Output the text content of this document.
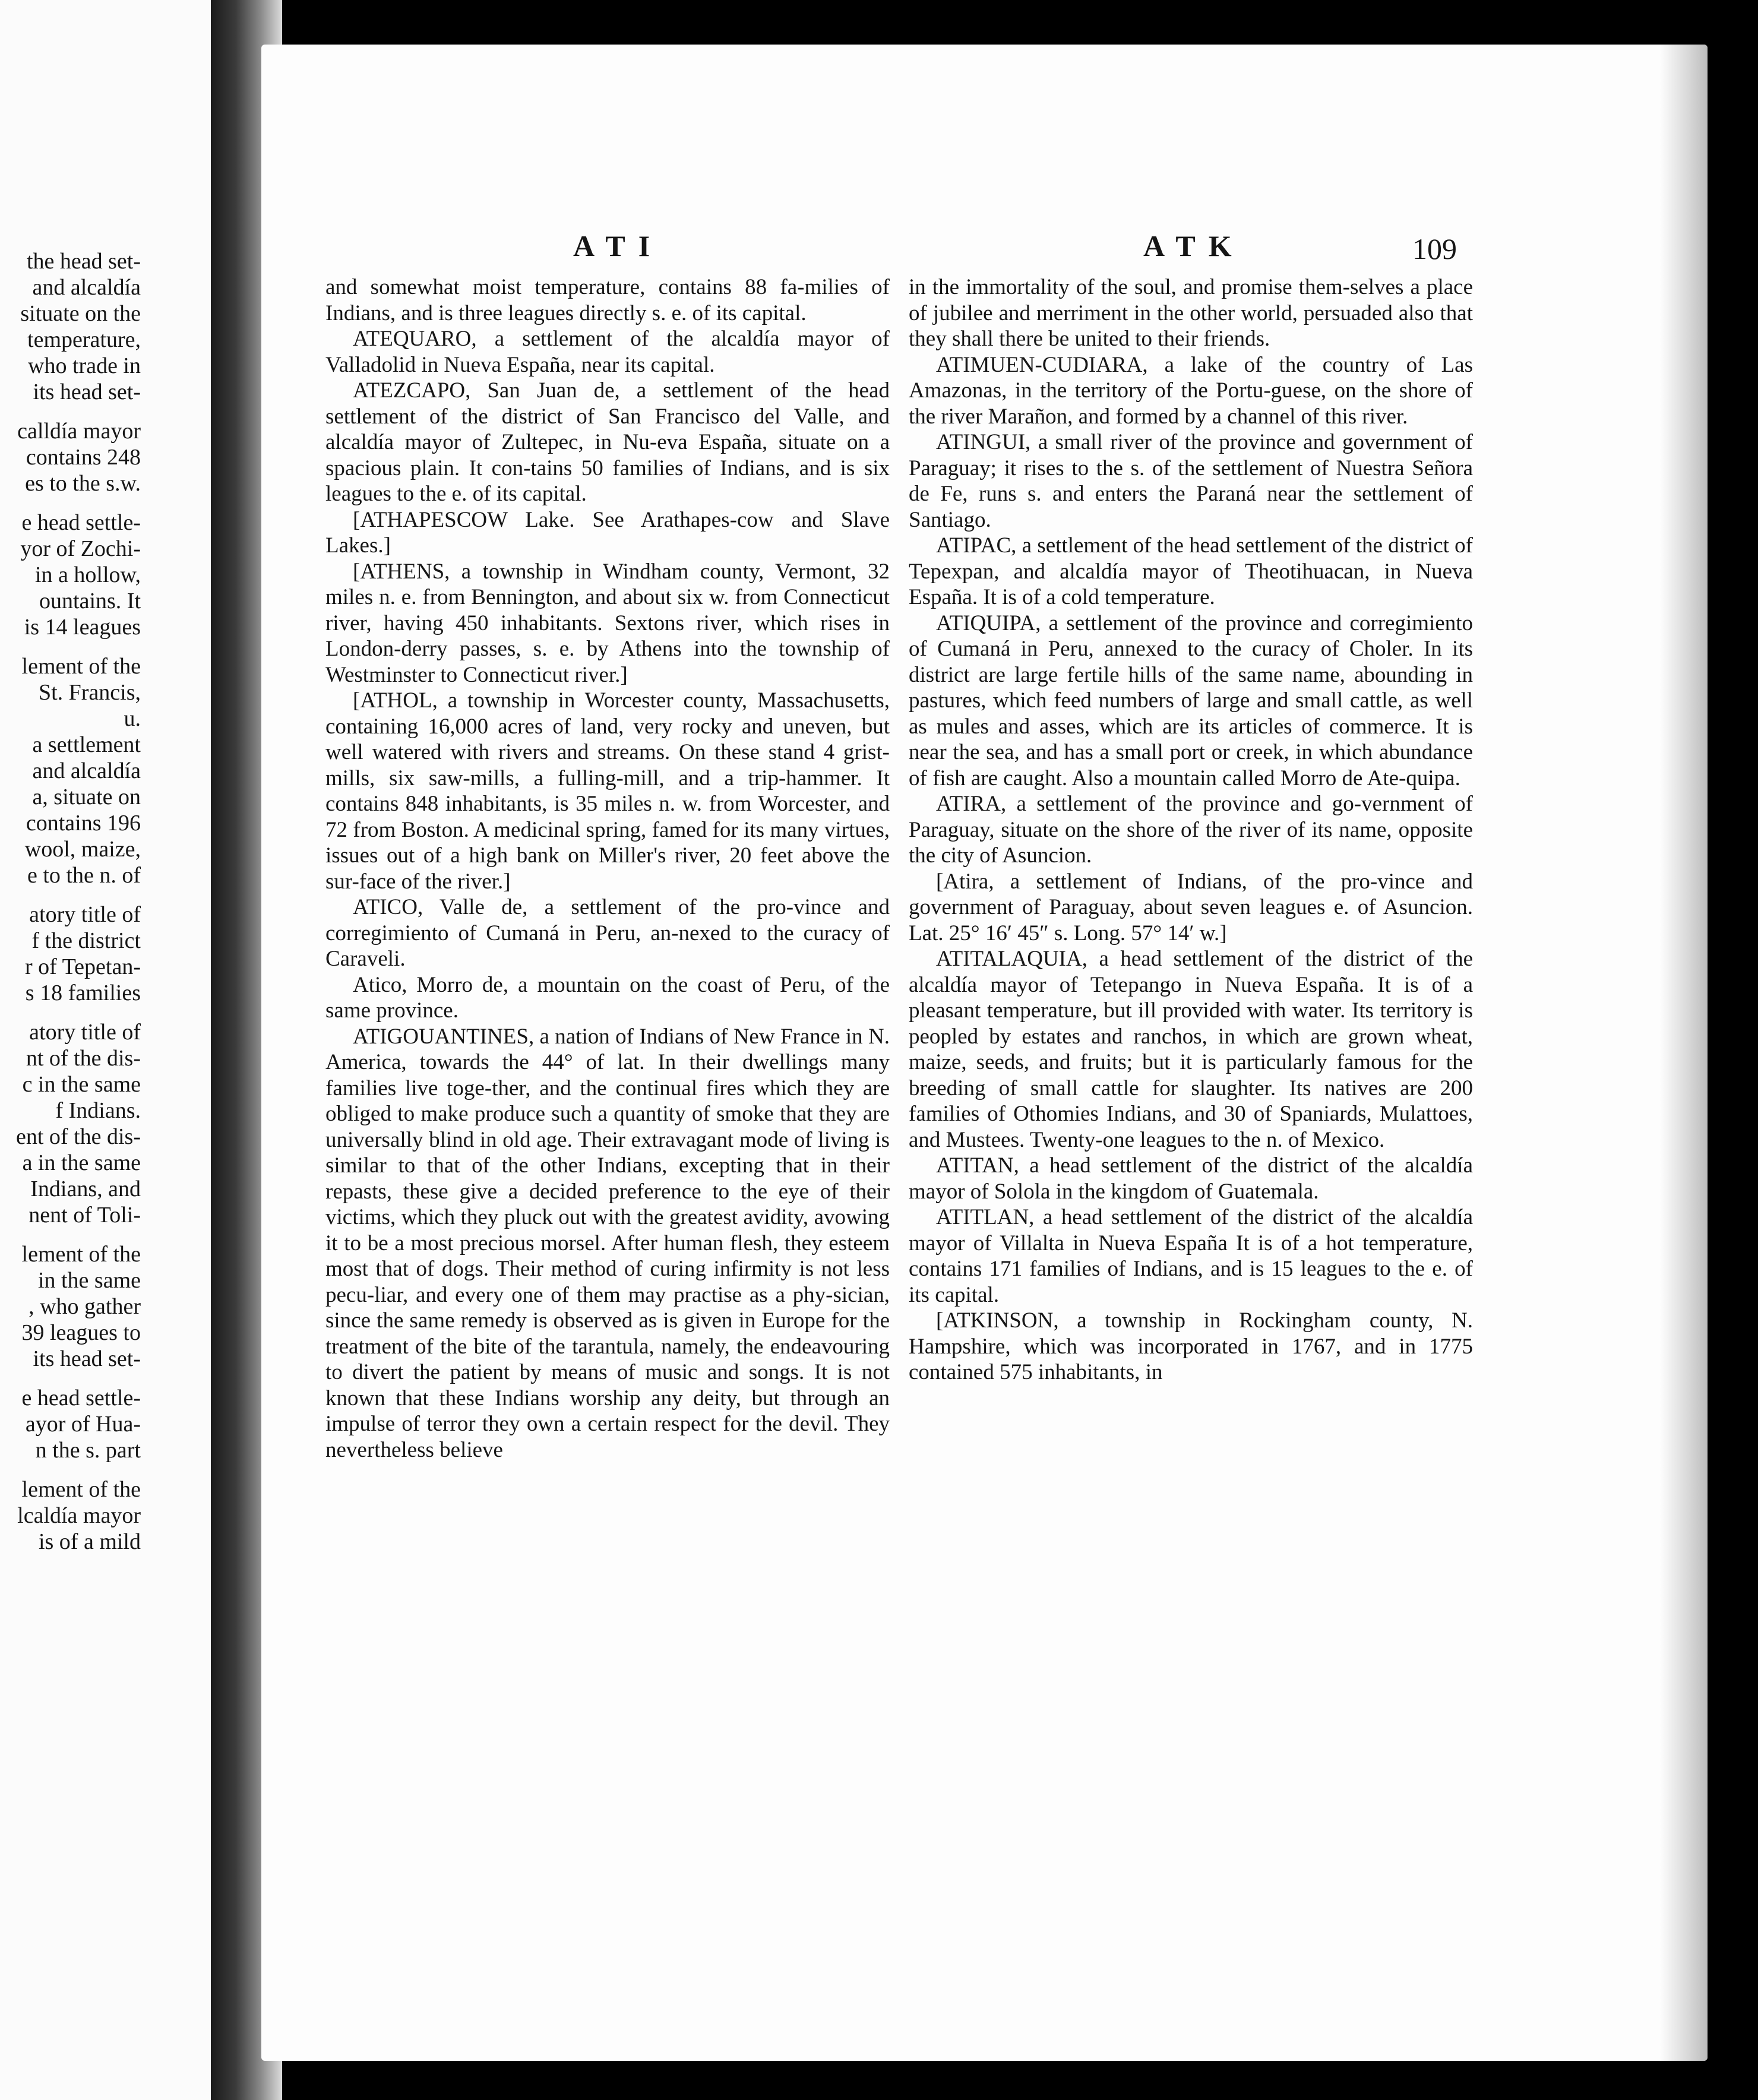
the head set-
and alcaldía
situate on the
temperature,
who trade in
its head set-
calldía mayor
contains 248
es to the s.w.
e head settle-
yor of Zochi-
in a hollow,
ountains. It
is 14 leagues
lement of the
St. Francis,
u.
a settlement
and alcaldía
a, situate on
contains 196
wool, maize,
e to the n. of
atory title of
f the district
r of Tepetan-
s 18 families
atory title of
nt of the dis-
c in the same
f Indians.
ent of the dis-
a in the same
Indians, and
nent of Toli-
lement of the
in the same
, who gather
39 leagues to
its head set-
e head settle-
ayor of Hua-
n the s. part
lement of the
lcaldía mayor
is of a mild
ATI	ATK	109

and somewhat moist temperature, contains 88 fa-milies of Indians, and is three leagues directly s. e. of its capital.

ATEQUARO, a settlement of the alcaldía mayor of Valladolid in Nueva España, near its capital.

ATEZCAPO, San Juan de, a settlement of the head settlement of the district of San Francisco del Valle, and alcaldía mayor of Zultepec, in Nu-eva España, situate on a spacious plain. It con-tains 50 families of Indians, and is six leagues to the e. of its capital.

[ATHAPESCOW Lake. See Arathapes-cow and Slave Lakes.]

[ATHENS, a township in Windham county, Vermont, 32 miles n. e. from Bennington, and about six w. from Connecticut river, having 450 inhabitants. Sextons river, which rises in London-derry passes, s. e. by Athens into the township of Westminster to Connecticut river.]

[ATHOL, a township in Worcester county, Massachusetts, containing 16,000 acres of land, very rocky and uneven, but well watered with rivers and streams. On these stand 4 grist-mills, six saw-mills, a fulling-mill, and a trip-hammer. It contains 848 inhabitants, is 35 miles n. w. from Worcester, and 72 from Boston. A medicinal spring, famed for its many virtues, issues out of a high bank on Miller's river, 20 feet above the sur-face of the river.]

ATICO, Valle de, a settlement of the pro-vince and corregimiento of Cumaná in Peru, an-nexed to the curacy of Caraveli.

Atico, Morro de, a mountain on the coast of Peru, of the same province.

ATIGOUANTINES, a nation of Indians of New France in N. America, towards the 44° of lat. In their dwellings many families live toge-ther, and the continual fires which they are obliged to make produce such a quantity of smoke that they are universally blind in old age. Their extravagant mode of living is similar to that of the other Indians, excepting that in their repasts, these give a decided preference to the eye of their victims, which they pluck out with the greatest avidity, avowing it to be a most precious morsel. After human flesh, they esteem most that of dogs. Their method of curing infirmity is not less pecu-liar, and every one of them may practise as a phy-sician, since the same remedy is observed as is given in Europe for the treatment of the bite of the tarantula, namely, the endeavouring to divert the patient by means of music and songs. It is not known that these Indians worship any deity, but through an impulse of terror they own a certain respect for the devil. They nevertheless believe

in the immortality of the soul, and promise them-selves a place of jubilee and merriment in the other world, persuaded also that they shall there be united to their friends.

ATIMUEN-CUDIARA, a lake of the country of Las Amazonas, in the territory of the Portu-guese, on the shore of the river Marañon, and formed by a channel of this river.

ATINGUI, a small river of the province and government of Paraguay; it rises to the s. of the settlement of Nuestra Señora de Fe, runs s. and enters the Paraná near the settlement of Santiago.

ATIPAC, a settlement of the head settlement of the district of Tepexpan, and alcaldía mayor of Theotihuacan, in Nueva España. It is of a cold temperature.

ATIQUIPA, a settlement of the province and corregimiento of Cumaná in Peru, annexed to the curacy of Choler. In its district are large fertile hills of the same name, abounding in pastures, which feed numbers of large and small cattle, as well as mules and asses, which are its articles of commerce. It is near the sea, and has a small port or creek, in which abundance of fish are caught. Also a mountain called Morro de Ate-quipa.

ATIRA, a settlement of the province and go-vernment of Paraguay, situate on the shore of the river of its name, opposite the city of Asuncion.

[Atira, a settlement of Indians, of the pro-vince and government of Paraguay, about seven leagues e. of Asuncion. Lat. 25° 16′ 45″ s. Long. 57° 14′ w.]

ATITALAQUIA, a head settlement of the district of the alcaldía mayor of Tetepango in Nueva España. It is of a pleasant temperature, but ill provided with water. Its territory is peopled by estates and ranchos, in which are grown wheat, maize, seeds, and fruits; but it is particularly famous for the breeding of small cattle for slaughter. Its natives are 200 families of Othomies Indians, and 30 of Spaniards, Mulattoes, and Mustees. Twenty-one leagues to the n. of Mexico.

ATITAN, a head settlement of the district of the alcaldía mayor of Solola in the kingdom of Guatemala.

ATITLAN, a head settlement of the district of the alcaldía mayor of Villalta in Nueva España It is of a hot temperature, contains 171 families of Indians, and is 15 leagues to the e. of its capital.

[ATKINSON, a township in Rockingham county, N. Hampshire, which was incorporated in 1767, and in 1775 contained 575 inhabitants, in
